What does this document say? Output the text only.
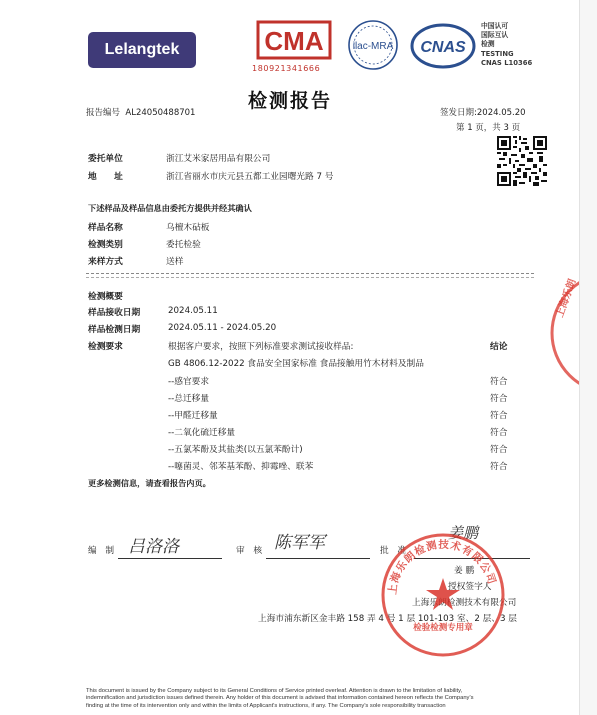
Lelangtek	CMA
180921341666
ilac-MRA CNAS
中国认可
国际互认
检测
TESTING
CNAS L10366
检测报告
报告编号 AL24050488701	签发日期:2024.05.20
第 1 页，共 3 页
委托单位	浙江艾米家居用品有限公司
地　　址	浙江省丽水市庆元县五都工业园曙光路 7 号
下述样品及样品信息由委托方提供并经其确认
样品名称	乌檀木砧板
检测类别	委托检验
来样方式	送样
检测概要
样品接收日期	2024.05.11
样品检测日期	2024.05.11 - 2024.05.20
检测要求	根据客户要求，按照下列标准要求测试接收样品:	结论
GB 4806.12-2022 食品安全国家标准 食品接触用竹木材料及制品
--感官要求	符合
--总迁移量	符合
--甲醛迁移量	符合
--二氧化硫迁移量	符合
--五氯苯酚及其盐类(以五氯苯酚计)	符合
--噻菌灵、邻苯基苯酚、抑霉唑、联苯	符合
更多检测信息，请查看报告内页。
编　制 吕洛洛	审　核 陈军军	批　准
姜鹏
姜 鹏
授权签字人
上海乐朗检测技术有限公司
上海市浦东新区金丰路 158 弄 4 号 1 层 101-103 室、2 层、3 层
上海乐朗检测技术有限公司
检验检测专用章
上海乐朗
This document is issued by the Company subject to its General Conditions of Service printed overleaf. Attention is drawn to the limitation of liability,
indemnification and jurisdiction issues defined therein. Any holder of this document is advised that information contained hereon reflects the Company's
finding at the time of its intervention only and within the limits of Applicant's instructions, if any. The Company's sole responsibility transaction
